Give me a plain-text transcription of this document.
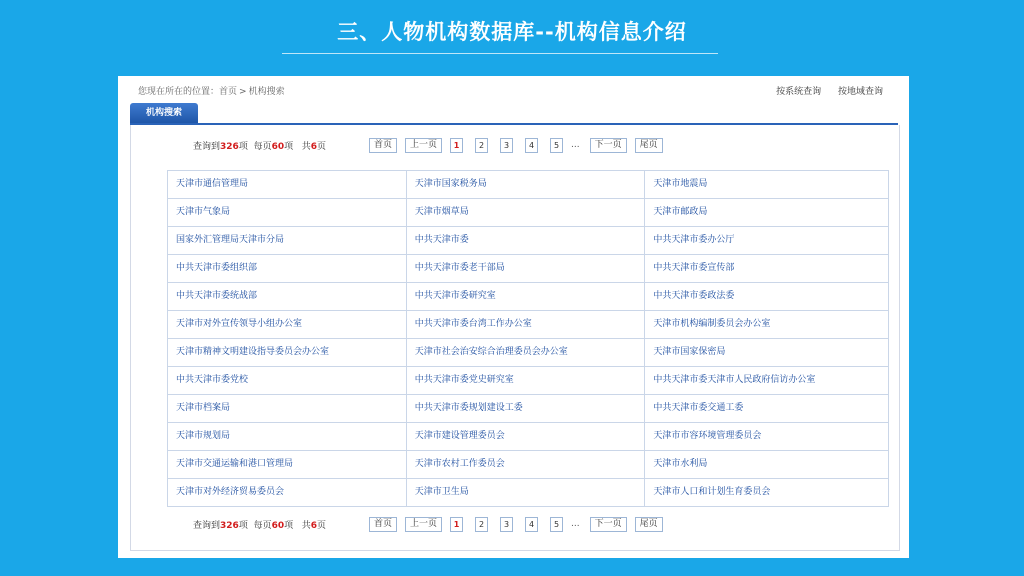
三、人物机构数据库--机构信息介绍
您现在所在的位置：首页 > 机构搜索	按系统查询 按地域查询
机构搜索
查询到326项 每页60项 共6页	首页	上一页	1	2	3	4	5	...	下一页	尾页
天津市通信管理局	天津市国家税务局	天津市地震局
天津市气象局	天津市烟草局	天津市邮政局
国家外汇管理局天津市分局	中共天津市委	中共天津市委办公厅
中共天津市委组织部	中共天津市委老干部局	中共天津市委宣传部
中共天津市委统战部	中共天津市委研究室	中共天津市委政法委
天津市对外宣传领导小组办公室	中共天津市委台湾工作办公室	天津市机构编制委员会办公室
天津市精神文明建设指导委员会办公室	天津市社会治安综合治理委员会办公室	天津市国家保密局
中共天津市委党校	中共天津市委党史研究室	中共天津市委天津市人民政府信访办公室
天津市档案局	中共天津市委规划建设工委	中共天津市委交通工委
天津市规划局	天津市建设管理委员会	天津市市容环境管理委员会
天津市交通运输和港口管理局	天津市农村工作委员会	天津市水利局
天津市对外经济贸易委员会	天津市卫生局	天津市人口和计划生育委员会
查询到326项 每页60项 共6页	首页	上一页	1	2	3	4	5	...	下一页	尾页
